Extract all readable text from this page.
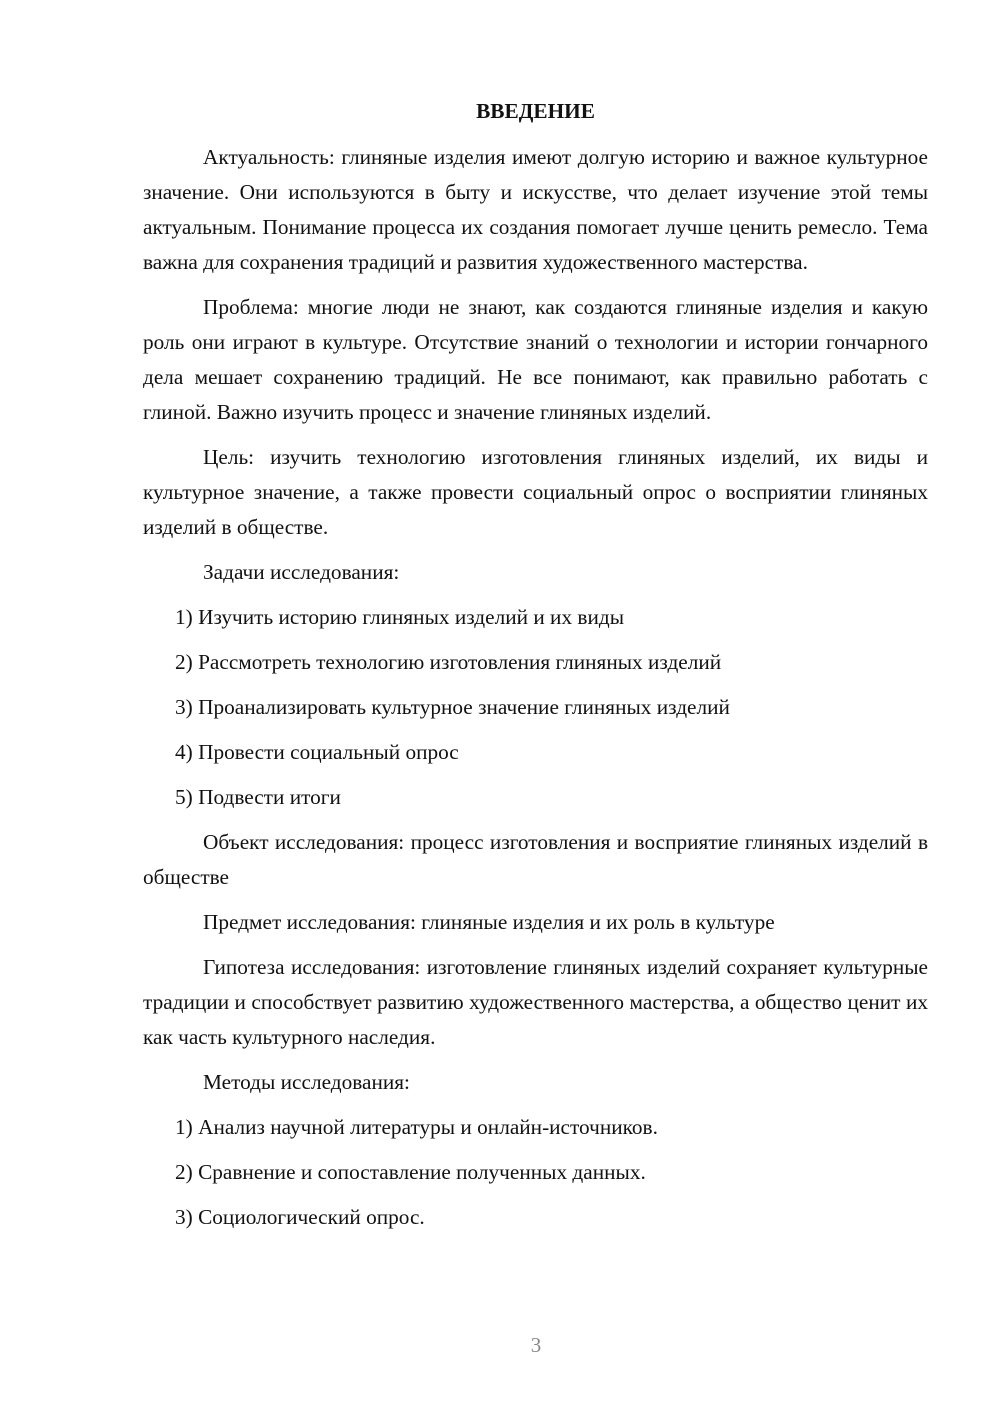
ВВЕДЕНИЕ

Актуальность: глиняные изделия имеют долгую историю и важное культурное значение. Они используются в быту и искусстве, что делает изучение этой темы актуальным. Понимание процесса их создания помогает лучше ценить ремесло. Тема важна для сохранения традиций и развития художественного мастерства.

Проблема: многие люди не знают, как создаются глиняные изделия и какую роль они играют в культуре. Отсутствие знаний о технологии и истории гончарного дела мешает сохранению традиций. Не все понимают, как правильно работать с глиной. Важно изучить процесс и значение глиняных изделий.

Цель: изучить технологию изготовления глиняных изделий, их виды и культурное значение, а также провести социальный опрос о восприятии глиняных изделий в обществе.

Задачи исследования:

1) Изучить историю глиняных изделий и их виды

2) Рассмотреть технологию изготовления глиняных изделий

3) Проанализировать культурное значение глиняных изделий

4) Провести социальный опрос

5) Подвести итоги

Объект исследования: процесс изготовления и восприятие глиняных изделий в обществе

Предмет исследования: глиняные изделия и их роль в культуре

Гипотеза исследования: изготовление глиняных изделий сохраняет культурные традиции и способствует развитию художественного мастерства, а общество ценит их как часть культурного наследия.

Методы исследования:

1) Анализ научной литературы и онлайн-источников.

2) Сравнение и сопоставление полученных данных.

3) Социологический опрос.

3
